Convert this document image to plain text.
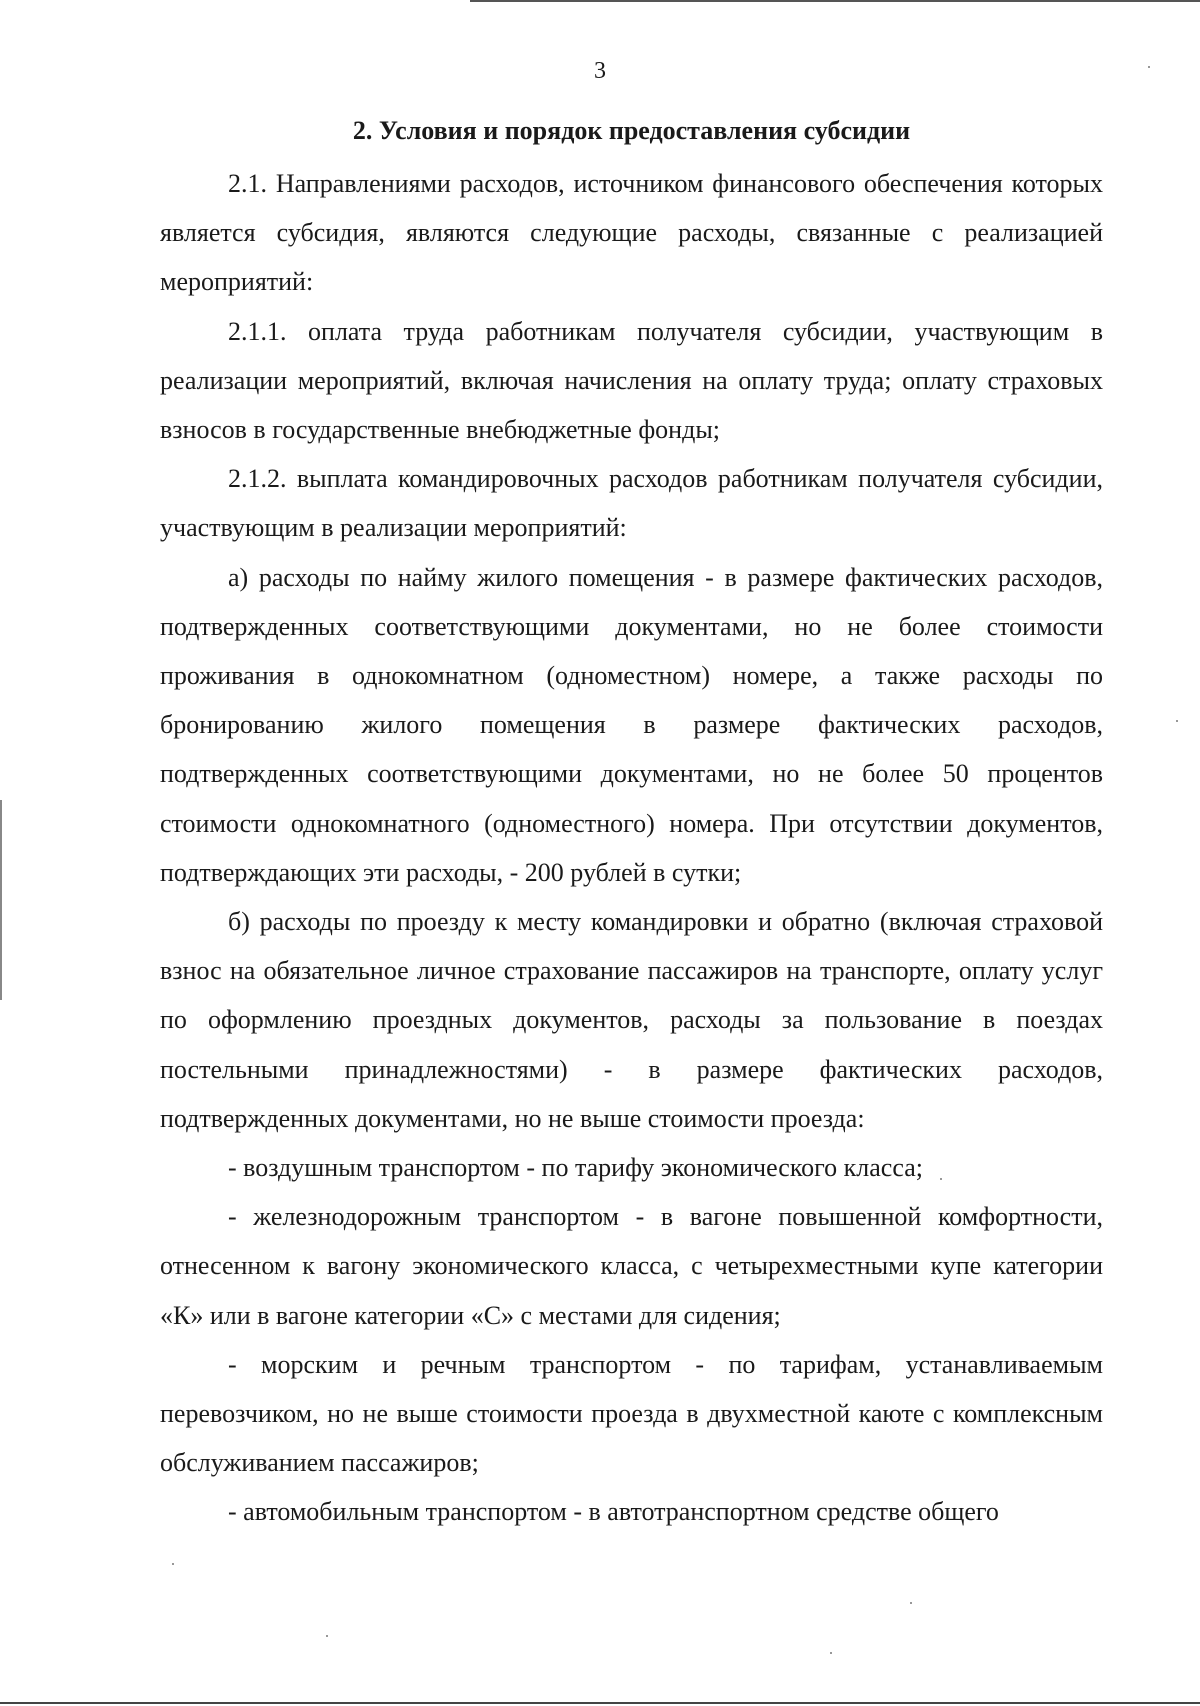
3
2. Условия и порядок предоставления субсидии

2.1. Направлениями расходов, источником финансового обеспечения которых является субсидия, являются следующие расходы, связанные с реализацией мероприятий:

2.1.1. оплата труда работникам получателя субсидии, участвующим в реализации мероприятий, включая начисления на оплату труда; оплату страховых взносов в государственные внебюджетные фонды;

2.1.2. выплата командировочных расходов работникам получателя субсидии, участвующим в реализации мероприятий:

а) расходы по найму жилого помещения - в размере фактических расходов, подтвержденных соответствующими документами, но не более стоимости проживания в однокомнатном (одноместном) номере, а также расходы по бронированию жилого помещения в размере фактических расходов, подтвержденных соответствующими документами, но не более 50 процентов стоимости однокомнатного (одноместного) номера. При отсутствии документов, подтверждающих эти расходы, - 200 рублей в сутки;

б) расходы по проезду к месту командировки и обратно (включая страховой взнос на обязательное личное страхование пассажиров на транспорте, оплату услуг по оформлению проездных документов, расходы за пользование в поездах постельными принадлежностями) - в размере фактических расходов, подтвержденных документами, но не выше стоимости проезда:

- воздушным транспортом - по тарифу экономического класса;

- железнодорожным транспортом - в вагоне повышенной комфортности, отнесенном к вагону экономического класса, с четырехместными купе категории «К» или в вагоне категории «С» с местами для сидения;

- морским и речным транспортом - по тарифам, устанавливаемым перевозчиком, но не выше стоимости проезда в двухместной каюте с комплексным обслуживанием пассажиров;

- автомобильным транспортом - в автотранспортном средстве общего
